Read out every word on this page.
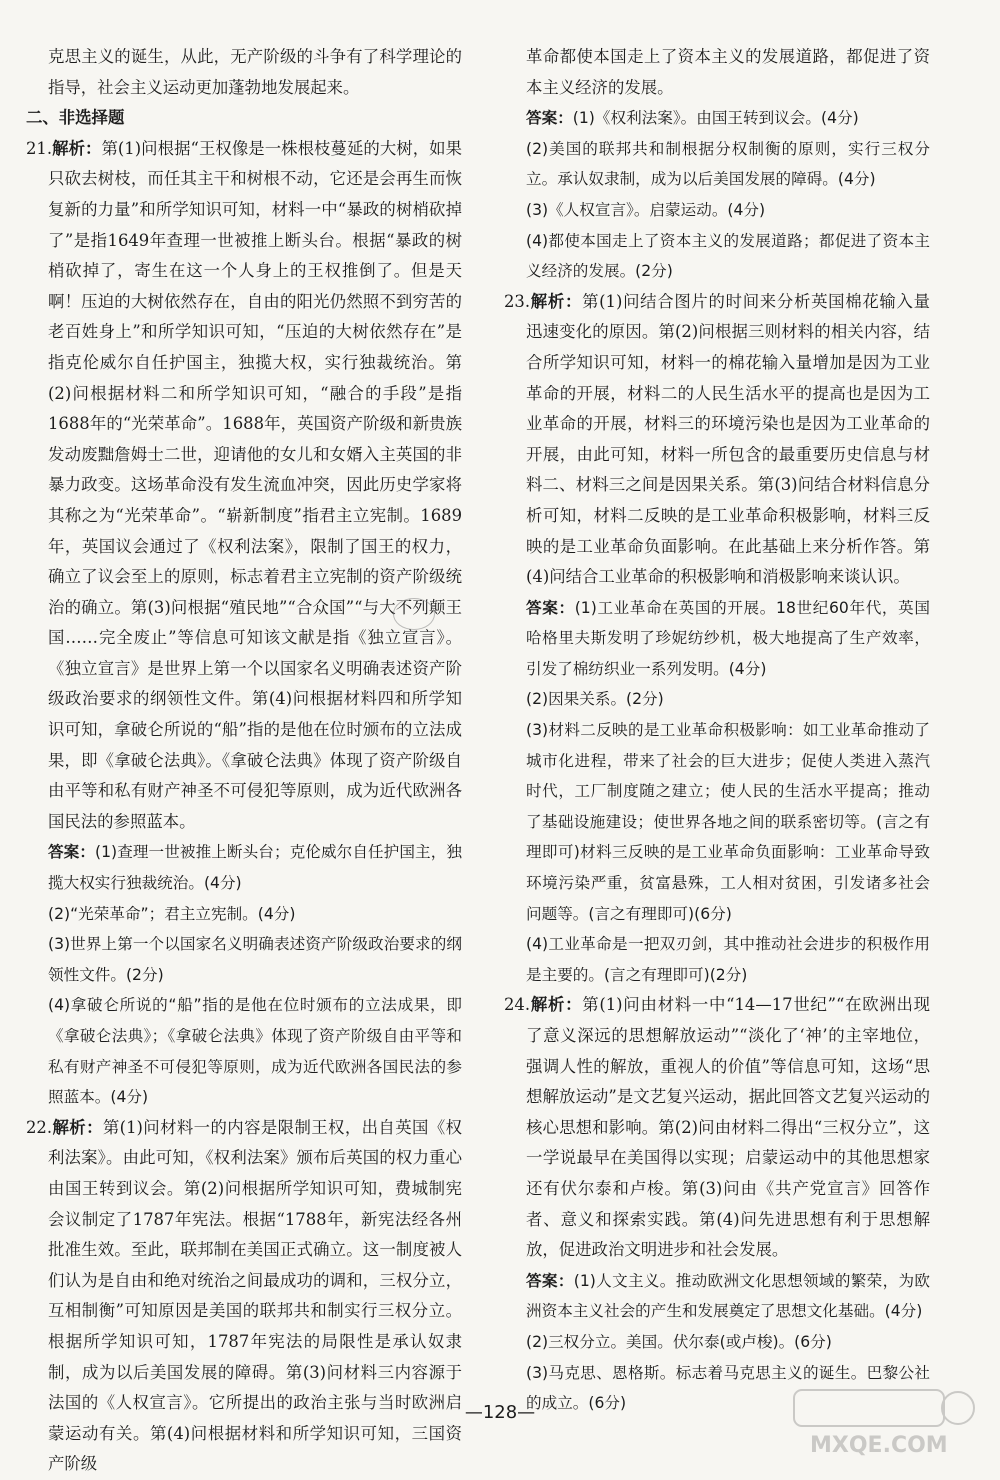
克思主义的诞生，从此，无产阶级的斗争有了科学理论的指导，社会主义运动更加蓬勃地发展起来。

二、非选择题

21.解析：第(1)问根据“王权像是一株根枝蔓延的大树，如果只砍去树枝，而任其主干和树根不动，它还是会再生而恢复新的力量”和所学知识可知，材料一中“暴政的树梢砍掉了”是指1649年查理一世被推上断头台。根据“暴政的树梢砍掉了，寄生在这一个人身上的王权推倒了。但是天啊！压迫的大树依然存在，自由的阳光仍然照不到穷苦的老百姓身上”和所学知识可知，“压迫的大树依然存在”是指克伦威尔自任护国主，独揽大权，实行独裁统治。第(2)问根据材料二和所学知识可知，“融合的手段”是指1688年的“光荣革命”。1688年，英国资产阶级和新贵族发动废黜詹姆士二世，迎请他的女儿和女婿入主英国的非暴力政变。这场革命没有发生流血冲突，因此历史学家将其称之为“光荣革命”。“崭新制度”指君主立宪制。1689年，英国议会通过了《权利法案》，限制了国王的权力，确立了议会至上的原则，标志着君主立宪制的资产阶级统治的确立。第(3)问根据“殖民地”“合众国”“与大不列颠王国……完全废止”等信息可知该文献是指《独立宣言》。《独立宣言》是世界上第一个以国家名义明确表述资产阶级政治要求的纲领性文件。第(4)问根据材料四和所学知识可知，拿破仑所说的“船”指的是他在位时颁布的立法成果，即《拿破仑法典》。《拿破仑法典》体现了资产阶级自由平等和私有财产神圣不可侵犯等原则，成为近代欧洲各国民法的参照蓝本。

答案：(1)查理一世被推上断头台；克伦威尔自任护国主，独揽大权实行独裁统治。(4分)

(2)“光荣革命”；君主立宪制。(4分)

(3)世界上第一个以国家名义明确表述资产阶级政治要求的纲领性文件。(2分)

(4)拿破仑所说的“船”指的是他在位时颁布的立法成果，即《拿破仑法典》；《拿破仑法典》体现了资产阶级自由平等和私有财产神圣不可侵犯等原则，成为近代欧洲各国民法的参照蓝本。(4分)

22.解析：第(1)问材料一的内容是限制王权，出自英国《权利法案》。由此可知，《权利法案》颁布后英国的权力重心由国王转到议会。第(2)问根据所学知识可知，费城制宪会议制定了1787年宪法。根据“1788年，新宪法经各州批准生效。至此，联邦制在美国正式确立。这一制度被人们认为是自由和绝对统治之间最成功的调和，三权分立，互相制衡”可知原因是美国的联邦共和制实行三权分立。根据所学知识可知，1787年宪法的局限性是承认奴隶制，成为以后美国发展的障碍。第(3)问材料三内容源于法国的《人权宣言》。它所提出的政治主张与当时欧洲启蒙运动有关。第(4)问根据材料和所学知识可知，三国资产阶级

革命都使本国走上了资本主义的发展道路，都促进了资本主义经济的发展。

答案：(1)《权利法案》。由国王转到议会。(4分)

(2)美国的联邦共和制根据分权制衡的原则，实行三权分立。承认奴隶制，成为以后美国发展的障碍。(4分)

(3)《人权宣言》。启蒙运动。(4分)

(4)都使本国走上了资本主义的发展道路；都促进了资本主义经济的发展。(2分)

23.解析：第(1)问结合图片的时间来分析英国棉花输入量迅速变化的原因。第(2)问根据三则材料的相关内容，结合所学知识可知，材料一的棉花输入量增加是因为工业革命的开展，材料二的人民生活水平的提高也是因为工业革命的开展，材料三的环境污染也是因为工业革命的开展，由此可知，材料一所包含的最重要历史信息与材料二、材料三之间是因果关系。第(3)问结合材料信息分析可知，材料二反映的是工业革命积极影响，材料三反映的是工业革命负面影响。在此基础上来分析作答。第(4)问结合工业革命的积极影响和消极影响来谈认识。

答案：(1)工业革命在英国的开展。18世纪60年代，英国哈格里夫斯发明了珍妮纺纱机，极大地提高了生产效率，引发了棉纺织业一系列发明。(4分)

(2)因果关系。(2分)

(3)材料二反映的是工业革命积极影响：如工业革命推动了城市化进程，带来了社会的巨大进步；促使人类进入蒸汽时代，工厂制度随之建立；使人民的生活水平提高；推动了基础设施建设；使世界各地之间的联系密切等。(言之有理即可)材料三反映的是工业革命负面影响：工业革命导致环境污染严重，贫富悬殊，工人相对贫困，引发诸多社会问题等。(言之有理即可)(6分)

(4)工业革命是一把双刃剑，其中推动社会进步的积极作用是主要的。(言之有理即可)(2分)

24.解析：第(1)问由材料一中“14—17世纪”“在欧洲出现了意义深远的思想解放运动”“淡化了‘神’的主宰地位，强调人性的解放，重视人的价值”等信息可知，这场“思想解放运动”是文艺复兴运动，据此回答文艺复兴运动的核心思想和影响。第(2)问由材料二得出“三权分立”，这一学说最早在美国得以实现；启蒙运动中的其他思想家还有伏尔泰和卢梭。第(3)问由《共产党宣言》回答作者、意义和探索实践。第(4)问先进思想有利于思想解放，促进政治文明进步和社会发展。

答案：(1)人文主义。推动欧洲文化思想领域的繁荣，为欧洲资本主义社会的产生和发展奠定了思想文化基础。(4分)

(2)三权分立。美国。伏尔泰(或卢梭)。(6分)

(3)马克思、恩格斯。标志着马克思主义的诞生。巴黎公社的成立。(6分)

—128—
MXQE.COM
